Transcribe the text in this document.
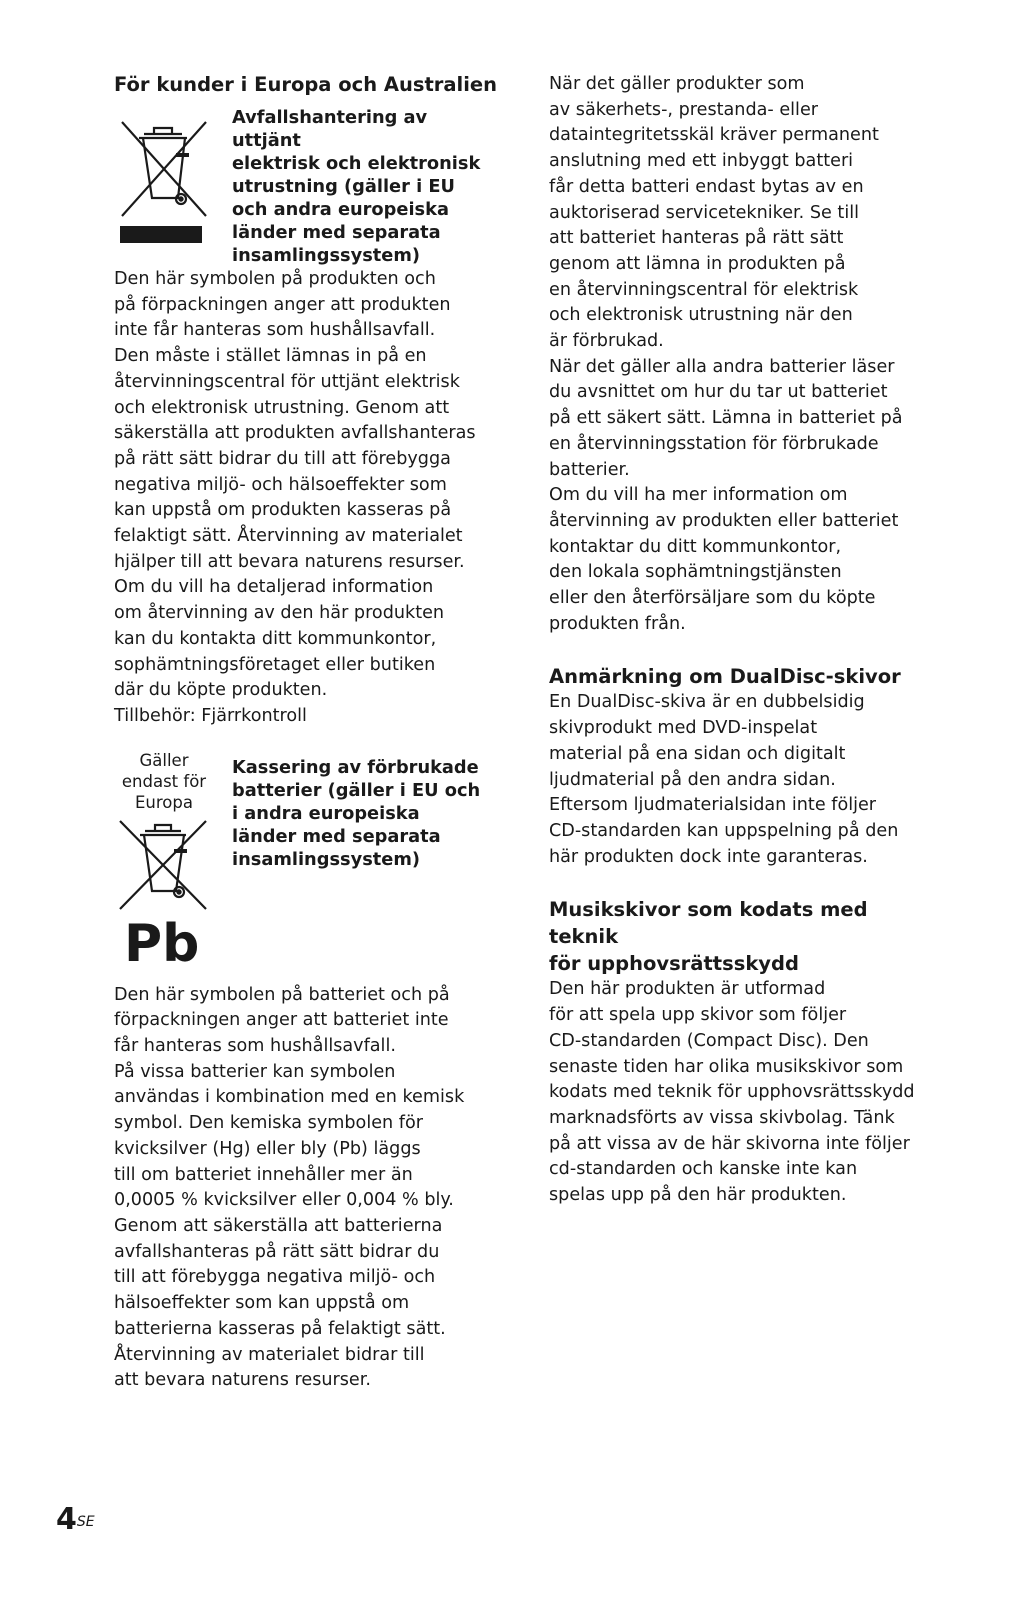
För kunder i Europa och Australien

Avfallshantering av uttjänt
elektrisk och elektronisk
utrustning (gäller i EU
och andra europeiska
länder med separata
insamlingssystem)

Den här symbolen på produkten och
på förpackningen anger att produkten
inte får hanteras som hushållsavfall.
Den måste i stället lämnas in på en
återvinningscentral för uttjänt elektrisk
och elektronisk utrustning. Genom att
säkerställa att produkten avfallshanteras
på rätt sätt bidrar du till att förebygga
negativa miljö- och hälsoeffekter som
kan uppstå om produkten kasseras på
felaktigt sätt. Återvinning av materialet
hjälper till att bevara naturens resurser.
Om du vill ha detaljerad information
om återvinning av den här produkten
kan du kontakta ditt kommunkontor,
sophämtningsföretaget eller butiken
där du köpte produkten.

Tillbehör: Fjärrkontroll

Gäller
endast för
Europa
Pb

Kassering av förbrukade
batterier (gäller i EU och
i andra europeiska
länder med separata
insamlingssystem)

Den här symbolen på batteriet och på
förpackningen anger att batteriet inte
får hanteras som hushållsavfall.
På vissa batterier kan symbolen
användas i kombination med en kemisk
symbol. Den kemiska symbolen för
kvicksilver (Hg) eller bly (Pb) läggs
till om batteriet innehåller mer än
0,0005 % kvicksilver eller 0,004 % bly.
Genom att säkerställa att batterierna
avfallshanteras på rätt sätt bidrar du
till att förebygga negativa miljö- och
hälsoeffekter som kan uppstå om
batterierna kasseras på felaktigt sätt.
Återvinning av materialet bidrar till
att bevara naturens resurser.

När det gäller produkter som
av säkerhets-, prestanda- eller
dataintegritetsskäl kräver permanent
anslutning med ett inbyggt batteri
får detta batteri endast bytas av en
auktoriserad servicetekniker. Se till
att batteriet hanteras på rätt sätt
genom att lämna in produkten på
en återvinningscentral för elektrisk
och elektronisk utrustning när den
är förbrukad.

När det gäller alla andra batterier läser
du avsnittet om hur du tar ut batteriet
på ett säkert sätt. Lämna in batteriet på
en återvinningsstation för förbrukade
batterier.

Om du vill ha mer information om
återvinning av produkten eller batteriet
kontaktar du ditt kommunkontor,
den lokala sophämtningstjänsten
eller den återförsäljare som du köpte
produkten från.

Anmärkning om DualDisc-skivor

En DualDisc-skiva är en dubbelsidig
skivprodukt med DVD-inspelat
material på ena sidan och digitalt
ljudmaterial på den andra sidan.
Eftersom ljudmaterialsidan inte följer
CD-standarden kan uppspelning på den
här produkten dock inte garanteras.

Musikskivor som kodats med teknik
för upphovsrättsskydd

Den här produkten är utformad
för att spela upp skivor som följer
CD-standarden (Compact Disc). Den
senaste tiden har olika musikskivor som
kodats med teknik för upphovsrättsskydd
marknadsförts av vissa skivbolag. Tänk
på att vissa av de här skivorna inte följer
cd-standarden och kanske inte kan
spelas upp på den här produkten.

$4^{SE}$
